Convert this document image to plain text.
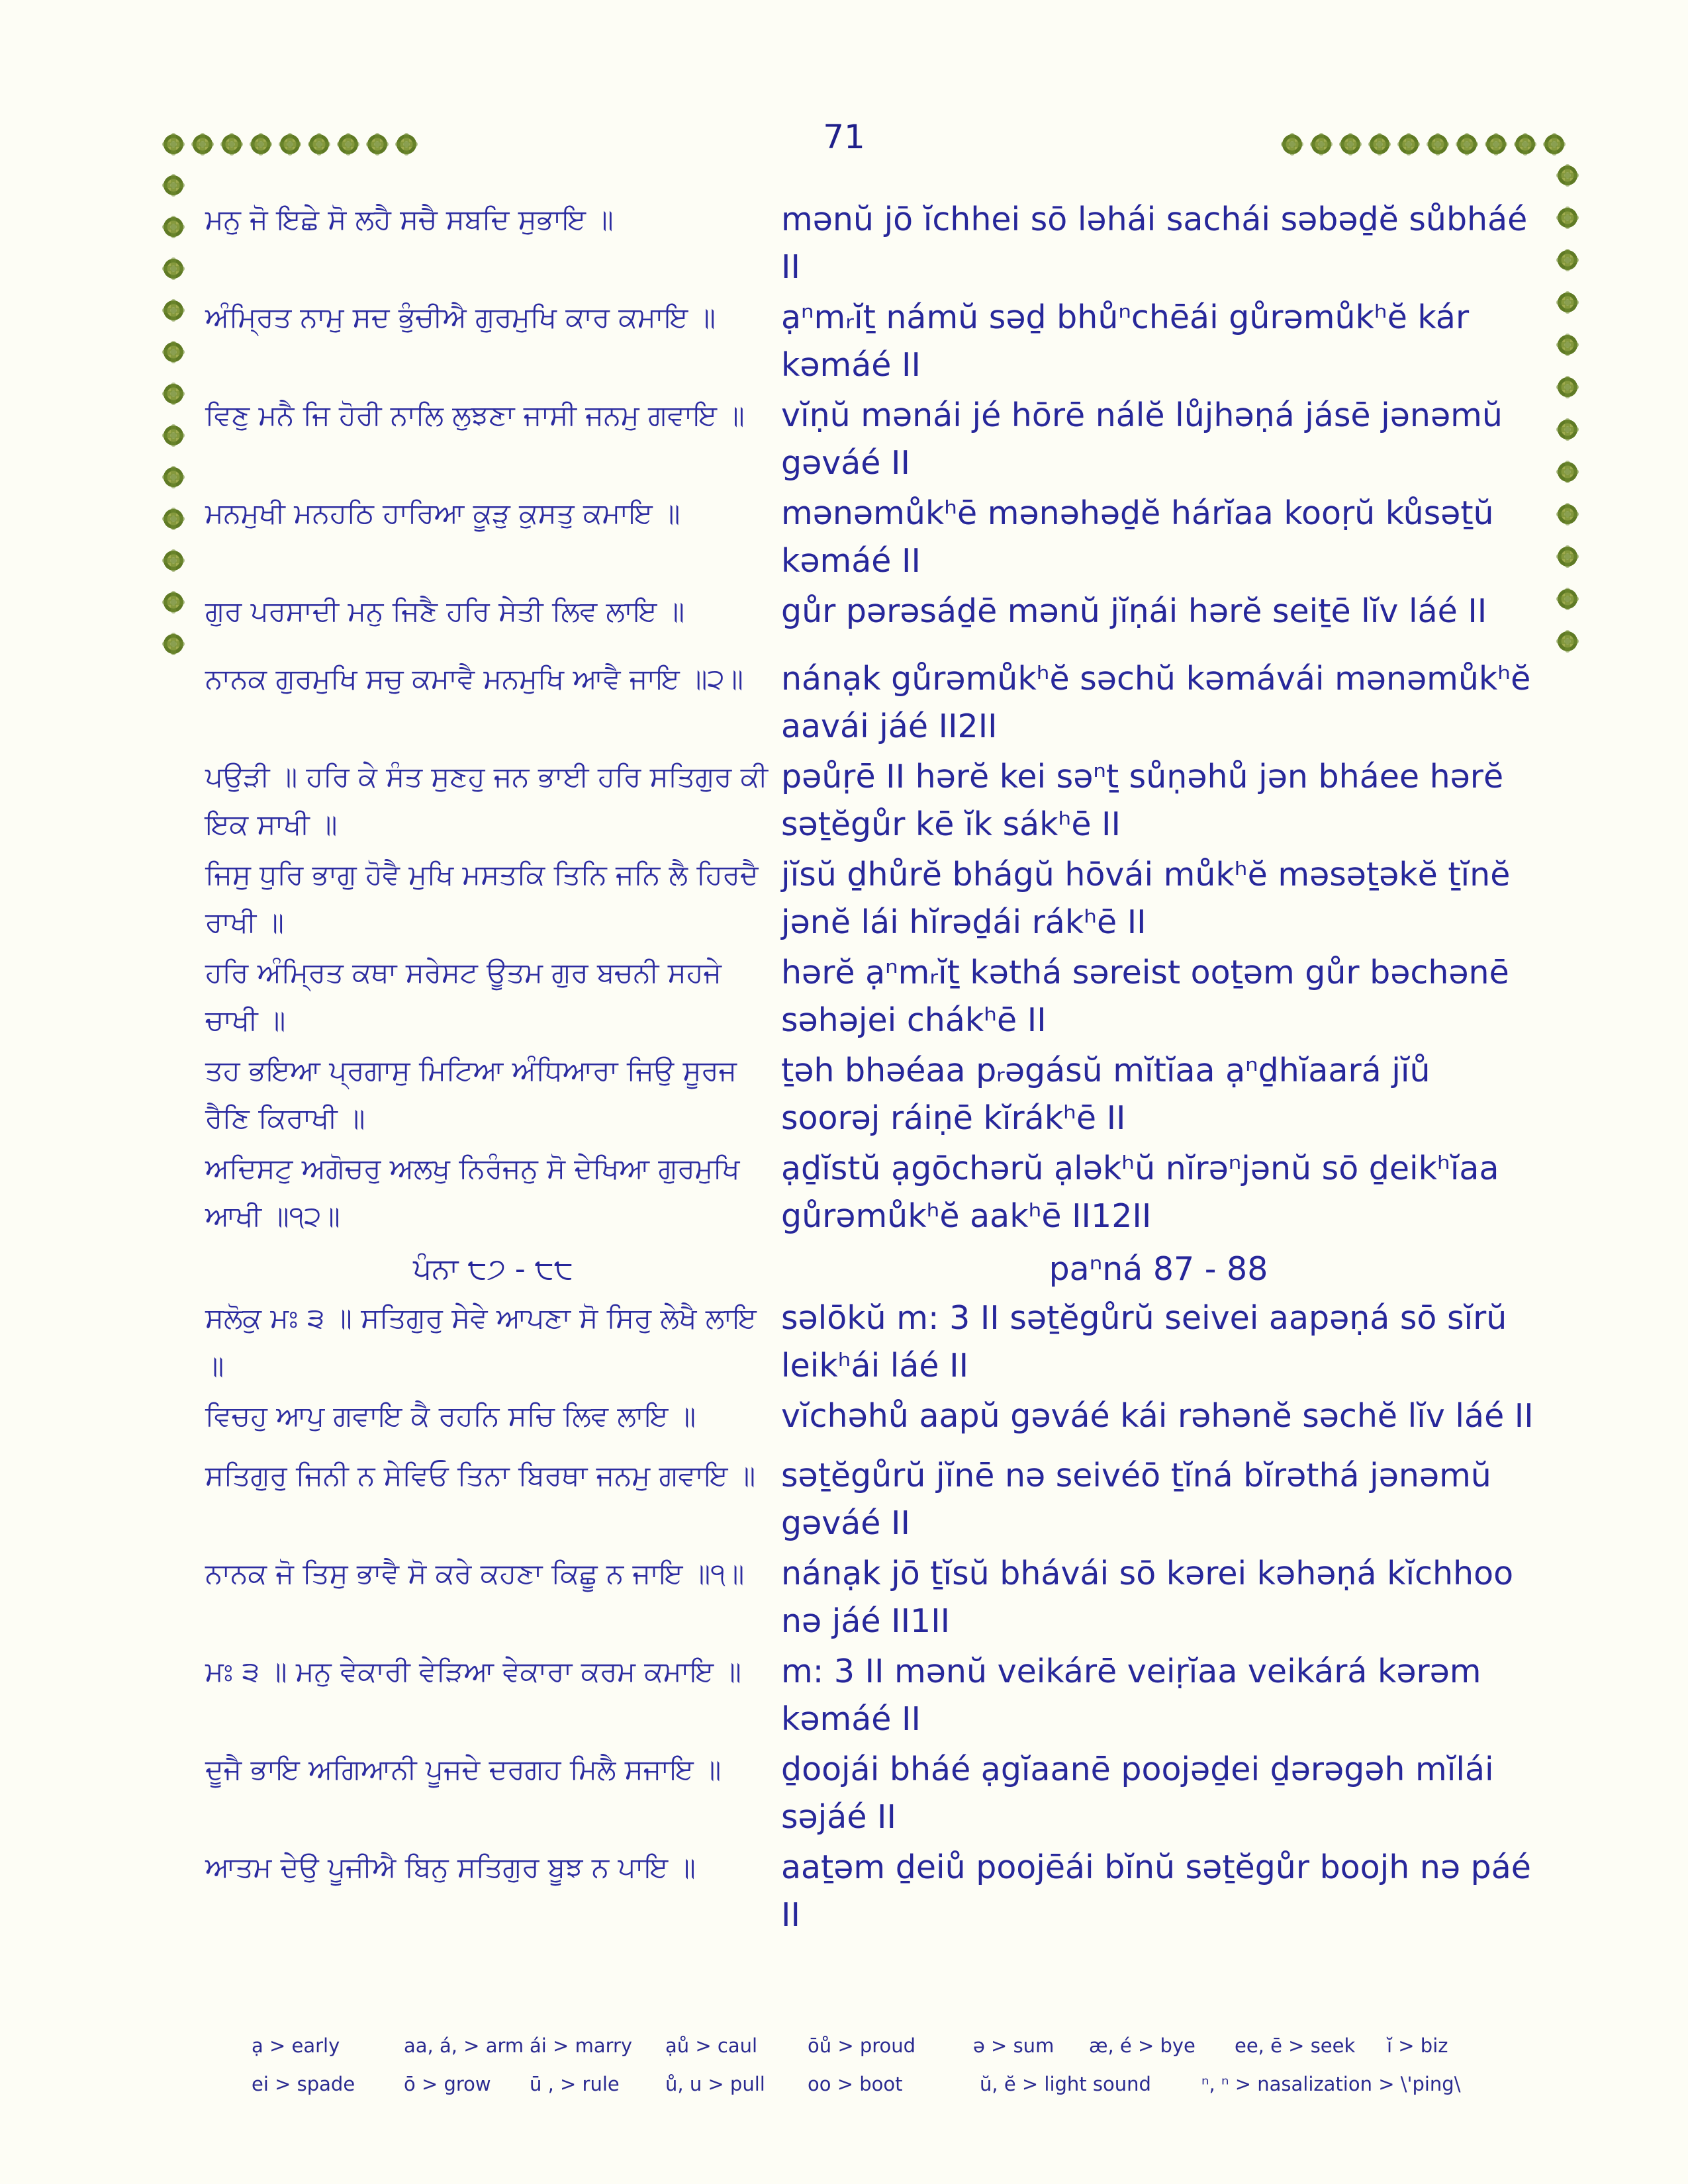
71
ਮਨੁ ਜੋ ਇਛੇ ਸੋ ਲਹੈ ਸਚੈ ਸਬਦਿ ਸੁਭਾਇ ॥	mənŭ jō ĭchhei sō ləhái sachái səbəḏĕ sůbháé II
ਅੰਮ੍ਰਿਤ ਨਾਮੁ ਸਦ ਭੁੰਚੀਐ ਗੁਰਮੁਖਿ ਕਾਰ ਕਮਾਇ ॥	ạⁿmᵣĭṯ námŭ səḏ bhůⁿchēái gůrəmůkʰĕ kár kəmáé II
ਵਿਣੁ ਮਨੈ ਜਿ ਹੋਰੀ ਨਾਲਿ ਲੁਝਣਾ ਜਾਸੀ ਜਨਮੁ ਗਵਾਇ ॥	vĭṇŭ mənái jé hōrē nálĕ lůjhəṇá jásē jənəmŭ gəváé II
ਮਨਮੁਖੀ ਮਨਹਠਿ ਹਾਰਿਆ ਕੂੜੁ ਕੁਸਤੁ ਕਮਾਇ ॥	mənəmůkʰē mənəhəḏĕ hárĭaa kooṛŭ kůsəṯŭ kəmáé II
ਗੁਰ ਪਰਸਾਦੀ ਮਨੁ ਜਿਣੈ ਹਰਿ ਸੇਤੀ ਲਿਵ ਲਾਇ ॥	gůr pərəsáḏē mənŭ jĭṇái hərĕ seiṯē lĭv láé II
ਨਾਨਕ ਗੁਰਮੁਖਿ ਸਚੁ ਕਮਾਵੈ ਮਨਮੁਖਿ ਆਵੈ ਜਾਇ ॥੨॥	nánạk gůrəmůkʰĕ səchŭ kəmávái mənəmůkʰĕ aavái jáé II2II
ਪਉੜੀ ॥ ਹਰਿ ਕੇ ਸੰਤ ਸੁਣਹੁ ਜਨ ਭਾਈ ਹਰਿ ਸਤਿਗੁਰ ਕੀ ਇਕ ਸਾਖੀ ॥
pəůṛē II hərĕ kei səⁿṯ sůṇəhů jən bháee hərĕ səṯĕgůr kē ĭk sákʰē II
ਜਿਸੁ ਧੁਰਿ ਭਾਗੁ ਹੋਵੈ ਮੁਖਿ ਮਸਤਕਿ ਤਿਨਿ ਜਨਿ ਲੈ ਹਿਰਦੈ ਰਾਖੀ ॥
jĭsŭ ḏhůrĕ bhágŭ hōvái můkʰĕ məsəṯəkĕ ṯĭnĕ jənĕ lái hĭrəḏái rákʰē II
ਹਰਿ ਅੰਮ੍ਰਿਤ ਕਥਾ ਸਰੇਸਟ ਊਤਮ ਗੁਰ ਬਚਨੀ ਸਹਜੇ ਚਾਖੀ ॥
hərĕ ạⁿmᵣĭṯ kəthá səreist ooṯəm gůr bəchənē səhəjei chákʰē II
ਤਹ ਭਇਆ ਪ੍ਰਗਾਸੁ ਮਿਟਿਆ ਅੰਧਿਆਰਾ ਜਿਉ ਸੂਰਜ ਰੈਣਿ ਕਿਰਾਖੀ ॥
ṯəh bhəéaa pᵣəgásŭ mĭtĭaa ạⁿḏhĭaará jĭů soorəj ráiṇē kĭrákʰē II
ਅਦਿਸਟੁ ਅਗੋਚਰੁ ਅਲਖੁ ਨਿਰੰਜਨੁ ਸੋ ਦੇਖਿਆ ਗੁਰਮੁਖਿ ਆਖੀ ॥੧੨॥
ạḏĭstŭ ạgōchərŭ ạləkʰŭ nĭrəⁿjənŭ sō ḏeikʰĭaa gůrəmůkʰĕ aakʰē II12II
ਪੰਨਾ ੮੭ - ੮੮	paⁿná 87 - 88
ਸਲੋਕੁ ਮਃ ੩ ॥ ਸਤਿਗੁਰੁ ਸੇਵੇ ਆਪਣਾ ਸੋ ਸਿਰੁ ਲੇਖੈ ਲਾਇ ॥
səlōkŭ m: 3 II səṯĕgůrŭ seivei aapəṇá sō sĭrŭ leikʰái láé II
ਵਿਚਹੁ ਆਪੁ ਗਵਾਇ ਕੈ ਰਹਨਿ ਸਚਿ ਲਿਵ ਲਾਇ ॥	vĭchəhů aapŭ gəváé kái rəhənĕ səchĕ lĭv láé II
ਸਤਿਗੁਰੁ ਜਿਨੀ ਨ ਸੇਵਿਓ ਤਿਨਾ ਬਿਰਥਾ ਜਨਮੁ ਗਵਾਇ ॥ səṯĕgůrŭ jĭnē nə seivéō ṯĭná bĭrəthá jənəmŭ gəváé II
ਨਾਨਕ ਜੋ ਤਿਸੁ ਭਾਵੈ ਸੋ ਕਰੇ ਕਹਣਾ ਕਿਛੂ ਨ ਜਾਇ ॥੧॥	nánạk jō ṯĭsŭ bhávái sō kərei kəhəṇá kĭchhoo nə jáé II1II
ਮਃ ੩ ॥ ਮਨੁ ਵੇਕਾਰੀ ਵੇੜਿਆ ਵੇਕਾਰਾ ਕਰਮ ਕਮਾਇ ॥	m: 3 II mənŭ veikárē veiṛĭaa veikárá kərəm kəmáé II
ਦੂਜੈ ਭਾਇ ਅਗਿਆਨੀ ਪੂਜਦੇ ਦਰਗਹ ਮਿਲੈ ਸਜਾਇ ॥	ḏoojái bháé ạgĭaanē poojəḏei ḏərəgəh mĭlái səjáé II
ਆਤਮ ਦੇਉ ਪੂਜੀਐ ਬਿਨੁ ਸਤਿਗੁਰ ਬੂਝ ਨ ਪਾਇ ॥	aaṯəm ḏeiů poojēái bĭnŭ səṯĕgůr boojh nə páé II
ạ > early	aa, á, > arm ái > marry ạů > caul	ōů > proud	ə > sum æ, é > bye ee, ē > seek ĭ > biz
ei > spade	ō > grow ū , > rule ů, u > pull oo > boot	ŭ, ĕ > light sound	ⁿ, ⁿ > nasalization > \'ping\
